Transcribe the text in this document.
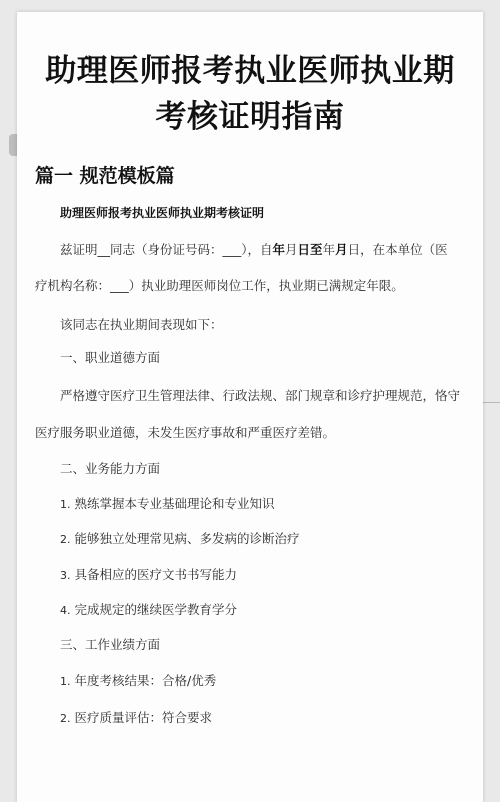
助理医师报考执业医师执业期
考核证明指南
篇一 规范模板篇
助理医师报考执业医师执业期考核证明
兹证明__同志（身份证号码：___），自年月日至年月日，在本单位（医
疗机构名称：___）执业助理医师岗位工作，执业期已满规定年限。
该同志在执业期间表现如下：
一、职业道德方面
严格遵守医疗卫生管理法律、行政法规、部门规章和诊疗护理规范，恪守
医疗服务职业道德，未发生医疗事故和严重医疗差错。
二、业务能力方面
1. 熟练掌握本专业基础理论和专业知识
2. 能够独立处理常见病、多发病的诊断治疗
3. 具备相应的医疗文书书写能力
4. 完成规定的继续医学教育学分
三、工作业绩方面
1. 年度考核结果：合格/优秀
2. 医疗质量评估：符合要求
